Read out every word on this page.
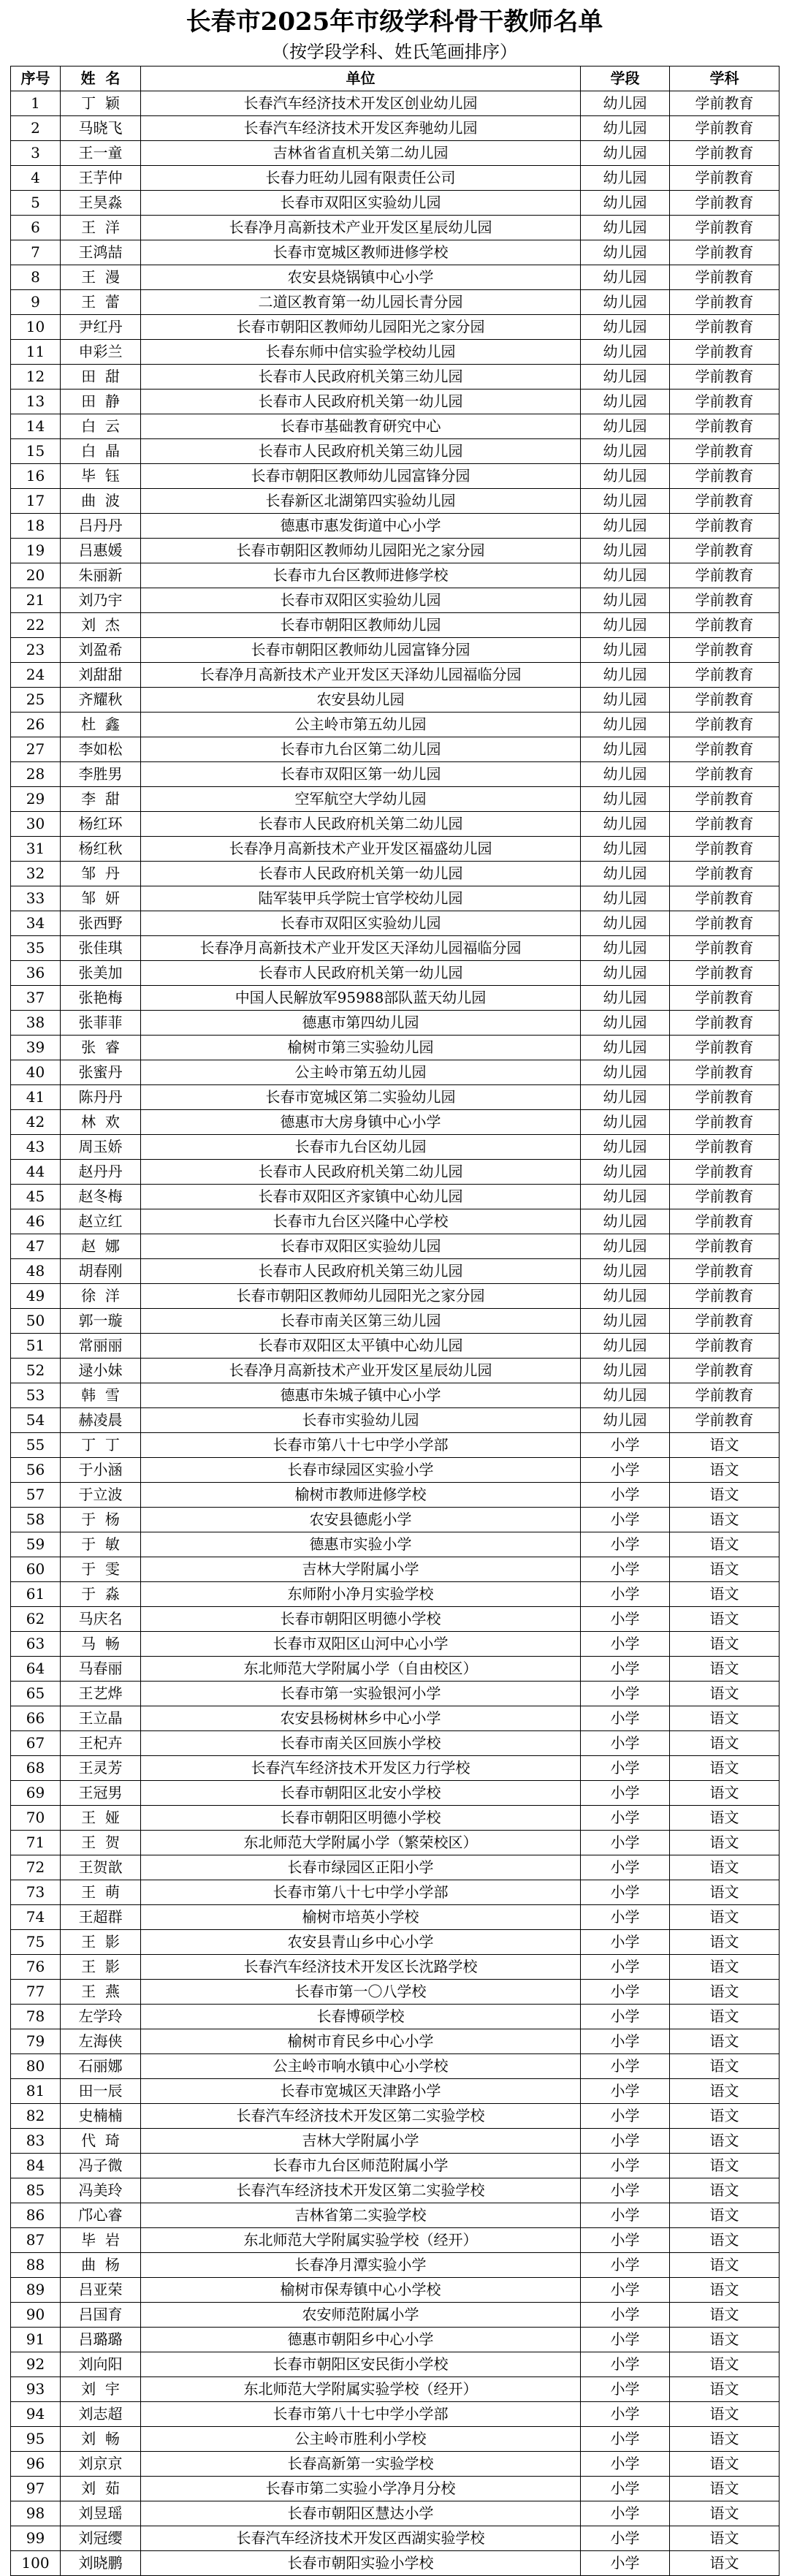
长春市2025年市级学科骨干教师名单
（按学段学科、姓氏笔画排序）
序号	姓  名	单位	学段	学科
1	丁  颖	长春汽车经济技术开发区创业幼儿园	幼儿园	学前教育
2	马晓飞	长春汽车经济技术开发区奔驰幼儿园	幼儿园	学前教育
3	王一童	吉林省省直机关第二幼儿园	幼儿园	学前教育
4	王芋仲	长春力旺幼儿园有限责任公司	幼儿园	学前教育
5	王昊淼	长春市双阳区实验幼儿园	幼儿园	学前教育
6	王  洋	长春净月高新技术产业开发区星辰幼儿园	幼儿园	学前教育
7	王鸿喆	长春市宽城区教师进修学校	幼儿园	学前教育
8	王  漫	农安县烧锅镇中心小学	幼儿园	学前教育
9	王  蕾	二道区教育第一幼儿园长青分园	幼儿园	学前教育
10	尹红丹	长春市朝阳区教师幼儿园阳光之家分园	幼儿园	学前教育
11	申彩兰	长春东师中信实验学校幼儿园	幼儿园	学前教育
12	田  甜	长春市人民政府机关第三幼儿园	幼儿园	学前教育
13	田  静	长春市人民政府机关第一幼儿园	幼儿园	学前教育
14	白  云	长春市基础教育研究中心	幼儿园	学前教育
15	白  晶	长春市人民政府机关第三幼儿园	幼儿园	学前教育
16	毕  钰	长春市朝阳区教师幼儿园富锋分园	幼儿园	学前教育
17	曲  波	长春新区北湖第四实验幼儿园	幼儿园	学前教育
18	吕丹丹	德惠市惠发街道中心小学	幼儿园	学前教育
19	吕惠媛	长春市朝阳区教师幼儿园阳光之家分园	幼儿园	学前教育
20	朱丽新	长春市九台区教师进修学校	幼儿园	学前教育
21	刘乃宇	长春市双阳区实验幼儿园	幼儿园	学前教育
22	刘  杰	长春市朝阳区教师幼儿园	幼儿园	学前教育
23	刘盈希	长春市朝阳区教师幼儿园富锋分园	幼儿园	学前教育
24	刘甜甜	长春净月高新技术产业开发区天泽幼儿园福临分园	幼儿园	学前教育
25	齐耀秋	农安县幼儿园	幼儿园	学前教育
26	杜  鑫	公主岭市第五幼儿园	幼儿园	学前教育
27	李如松	长春市九台区第二幼儿园	幼儿园	学前教育
28	李胜男	长春市双阳区第一幼儿园	幼儿园	学前教育
29	李  甜	空军航空大学幼儿园	幼儿园	学前教育
30	杨红环	长春市人民政府机关第二幼儿园	幼儿园	学前教育
31	杨红秋	长春净月高新技术产业开发区福盛幼儿园	幼儿园	学前教育
32	邹  丹	长春市人民政府机关第一幼儿园	幼儿园	学前教育
33	邹  妍	陆军装甲兵学院士官学校幼儿园	幼儿园	学前教育
34	张西野	长春市双阳区实验幼儿园	幼儿园	学前教育
35	张佳琪	长春净月高新技术产业开发区天泽幼儿园福临分园	幼儿园	学前教育
36	张美加	长春市人民政府机关第一幼儿园	幼儿园	学前教育
37	张艳梅	中国人民解放军95988部队蓝天幼儿园	幼儿园	学前教育
38	张菲菲	德惠市第四幼儿园	幼儿园	学前教育
39	张  睿	榆树市第三实验幼儿园	幼儿园	学前教育
40	张蜜丹	公主岭市第五幼儿园	幼儿园	学前教育
41	陈丹丹	长春市宽城区第二实验幼儿园	幼儿园	学前教育
42	林  欢	德惠市大房身镇中心小学	幼儿园	学前教育
43	周玉娇	长春市九台区幼儿园	幼儿园	学前教育
44	赵丹丹	长春市人民政府机关第二幼儿园	幼儿园	学前教育
45	赵冬梅	长春市双阳区齐家镇中心幼儿园	幼儿园	学前教育
46	赵立红	长春市九台区兴隆中心学校	幼儿园	学前教育
47	赵  娜	长春市双阳区实验幼儿园	幼儿园	学前教育
48	胡春刚	长春市人民政府机关第三幼儿园	幼儿园	学前教育
49	徐  洋	长春市朝阳区教师幼儿园阳光之家分园	幼儿园	学前教育
50	郭一璇	长春市南关区第三幼儿园	幼儿园	学前教育
51	常丽丽	长春市双阳区太平镇中心幼儿园	幼儿园	学前教育
52	逯小妹	长春净月高新技术产业开发区星辰幼儿园	幼儿园	学前教育
53	韩  雪	德惠市朱城子镇中心小学	幼儿园	学前教育
54	赫凌晨	长春市实验幼儿园	幼儿园	学前教育
55	丁  丁	长春市第八十七中学小学部	小学	语文
56	于小涵	长春市绿园区实验小学	小学	语文
57	于立波	榆树市教师进修学校	小学	语文
58	于  杨	农安县德彪小学	小学	语文
59	于  敏	德惠市实验小学	小学	语文
60	于  雯	吉林大学附属小学	小学	语文
61	于  淼	东师附小净月实验学校	小学	语文
62	马庆名	长春市朝阳区明德小学校	小学	语文
63	马  畅	长春市双阳区山河中心小学	小学	语文
64	马春丽	东北师范大学附属小学（自由校区）	小学	语文
65	王艺烨	长春市第一实验银河小学	小学	语文
66	王立晶	农安县杨树林乡中心小学	小学	语文
67	王杞卉	长春市南关区回族小学校	小学	语文
68	王灵芳	长春汽车经济技术开发区力行学校	小学	语文
69	王冠男	长春市朝阳区北安小学校	小学	语文
70	王  娅	长春市朝阳区明德小学校	小学	语文
71	王  贺	东北师范大学附属小学（繁荣校区）	小学	语文
72	王贺歆	长春市绿园区正阳小学	小学	语文
73	王  萌	长春市第八十七中学小学部	小学	语文
74	王超群	榆树市培英小学校	小学	语文
75	王  影	农安县青山乡中心小学	小学	语文
76	王  影	长春汽车经济技术开发区长沈路学校	小学	语文
77	王  燕	长春市第一〇八学校	小学	语文
78	左学玲	长春博硕学校	小学	语文
79	左海侠	榆树市育民乡中心小学	小学	语文
80	石丽娜	公主岭市响水镇中心小学校	小学	语文
81	田一辰	长春市宽城区天津路小学	小学	语文
82	史楠楠	长春汽车经济技术开发区第二实验学校	小学	语文
83	代  琦	吉林大学附属小学	小学	语文
84	冯子微	长春市九台区师范附属小学	小学	语文
85	冯美玲	长春汽车经济技术开发区第二实验学校	小学	语文
86	邝心睿	吉林省第二实验学校	小学	语文
87	毕  岩	东北师范大学附属实验学校（经开）	小学	语文
88	曲  杨	长春净月潭实验小学	小学	语文
89	吕亚荣	榆树市保寿镇中心小学校	小学	语文
90	吕国育	农安师范附属小学	小学	语文
91	吕璐璐	德惠市朝阳乡中心小学	小学	语文
92	刘向阳	长春市朝阳区安民街小学校	小学	语文
93	刘  宇	东北师范大学附属实验学校（经开）	小学	语文
94	刘志超	长春市第八十七中学小学部	小学	语文
95	刘  畅	公主岭市胜利小学校	小学	语文
96	刘京京	长春高新第一实验学校	小学	语文
97	刘  茹	长春市第二实验小学净月分校	小学	语文
98	刘昱瑶	长春市朝阳区慧达小学	小学	语文
99	刘冠缨	长春汽车经济技术开发区西湖实验学校	小学	语文
100	刘晓鹏	长春市朝阳实验小学校	小学	语文
